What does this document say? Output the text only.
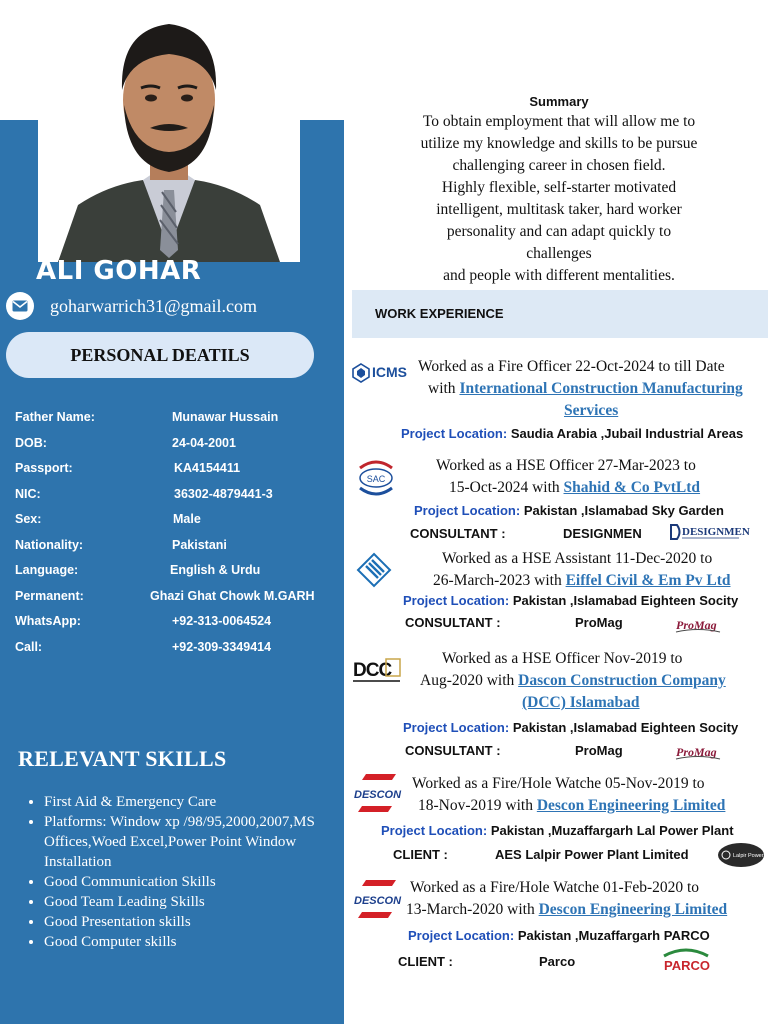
ALI GOHAR
goharwarrich31@gmail.com
PERSONAL DEATILS
Father Name:	Munawar Hussain
DOB:	24-04-2001
Passport:	KA4154411
NIC:	36302-4879441-3
Sex:	Male
Nationality:	Pakistani
Language:	English & Urdu
Permanent:	Ghazi Ghat Chowk M.GARH
WhatsApp:	+92-313-0064524
Call:	+92-309-3349414
RELEVANT SKILLS
• First Aid & Emergency Care
• Platforms: Window xp /98/95,2000,2007,MS Offices,Woed Excel,Power Point Window Installation
• Good Communication Skills
• Good Team Leading Skills
• Good Presentation skills
• Good Computer skills
Summary
To obtain employment that will allow me to
utilize my knowledge and skills to be pursue
challenging career in chosen field.
Highly flexible, self-starter motivated
intelligent, multitask taker, hard worker
personality and can adapt quickly to
challenges
and people with different mentalities.
WORK EXPERIENCE
ICMS Worked as a Fire Officer 22-Oct-2024 to till Date
with International Construction Manufacturing
Services
Project Location: Saudia Arabia ,Jubail Industrial Areas
SAC
Worked as a HSE Officer 27-Mar-2023 to
15-Oct-2024 with Shahid & Co PvtLtd
Project Location: Pakistan ,Islamabad Sky Garden
CONSULTANT :	DESIGNMEN	DESIGNMEN
Worked as a HSE Assistant 11-Dec-2020 to
26-March-2023 with Eiffel Civil & Em Pv Ltd
Project Location: Pakistan ,Islamabad Eighteen Socity
CONSULTANT :	ProMag	ProMag
DCC
Worked as a HSE Officer Nov-2019 to
Aug-2020 with Dascon Construction Company
(DCC) Islamabad
Project Location: Pakistan ,Islamabad Eighteen Socity
CONSULTANT :	ProMag	ProMag
DESCON
Worked as a Fire/Hole Watche 05-Nov-2019 to
18-Nov-2019 with Descon Engineering Limited
Project Location: Pakistan ,Muzaffargarh Lal Power Plant
CLIENT :	AES Lalpir Power Plant Limited	Lalpir Power
DESCON
Worked as a Fire/Hole Watche 01-Feb-2020 to
13-March-2020 with Descon Engineering Limited
Project Location: Pakistan ,Muzaffargarh PARCO
CLIENT :	Parco	PARCO
